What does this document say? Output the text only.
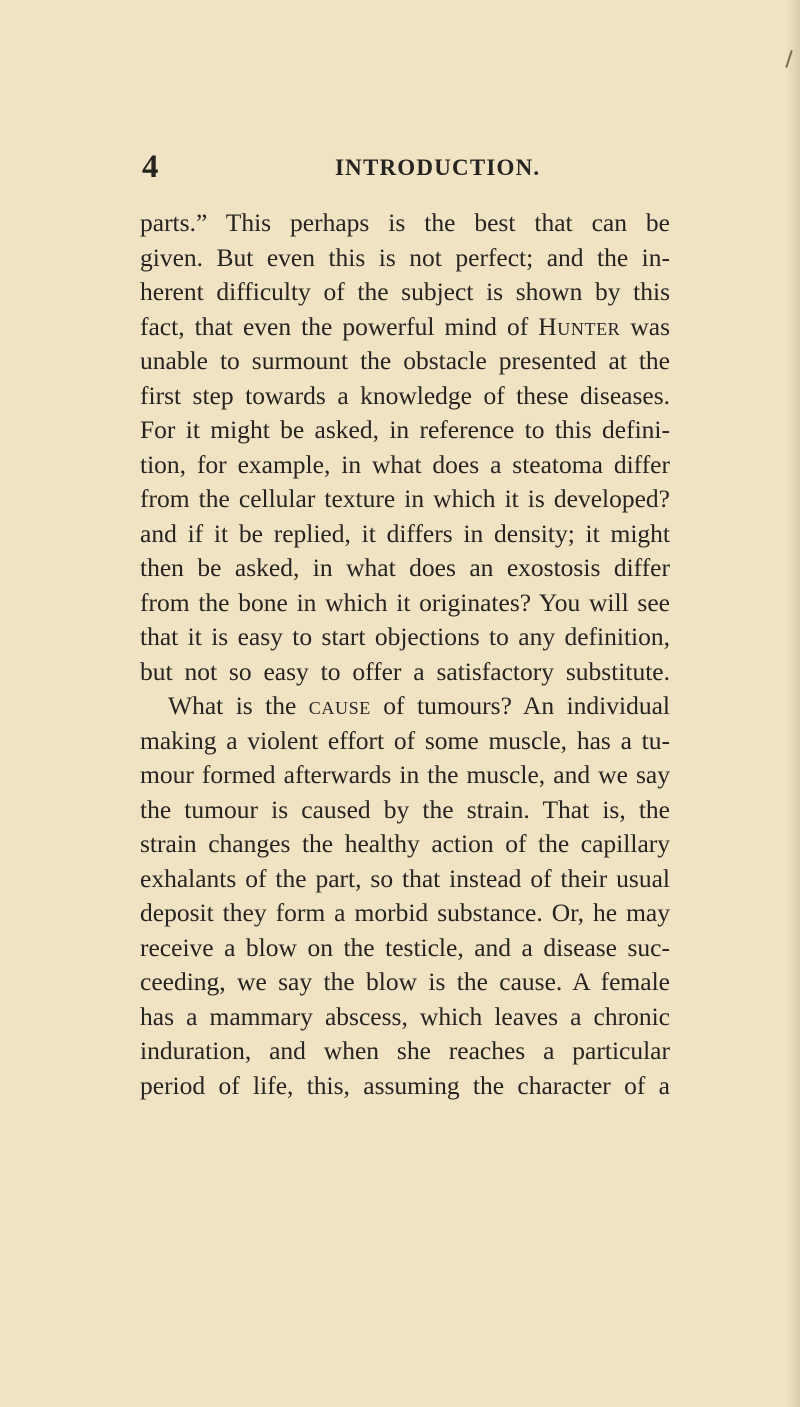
4	INTRODUCTION.
parts.” This perhaps is the best that can be
given. But even this is not perfect; and the in-
herent difficulty of the subject is shown by this
fact, that even the powerful mind of Hunter was
unable to surmount the obstacle presented at the
first step towards a knowledge of these diseases.
For it might be asked, in reference to this defini-
tion, for example, in what does a steatoma differ
from the cellular texture in which it is developed?
and if it be replied, it differs in density; it might
then be asked, in what does an exostosis differ
from the bone in which it originates? You will see
that it is easy to start objections to any definition,
but not so easy to offer a satisfactory substitute.
What is the cause of tumours? An individual
making a violent effort of some muscle, has a tu-
mour formed afterwards in the muscle, and we say
the tumour is caused by the strain. That is, the
strain changes the healthy action of the capillary
exhalants of the part, so that instead of their usual
deposit they form a morbid substance. Or, he may
receive a blow on the testicle, and a disease suc-
ceeding, we say the blow is the cause. A female
has a mammary abscess, which leaves a chronic
induration, and when she reaches a particular
period of life, this, assuming the character of a
